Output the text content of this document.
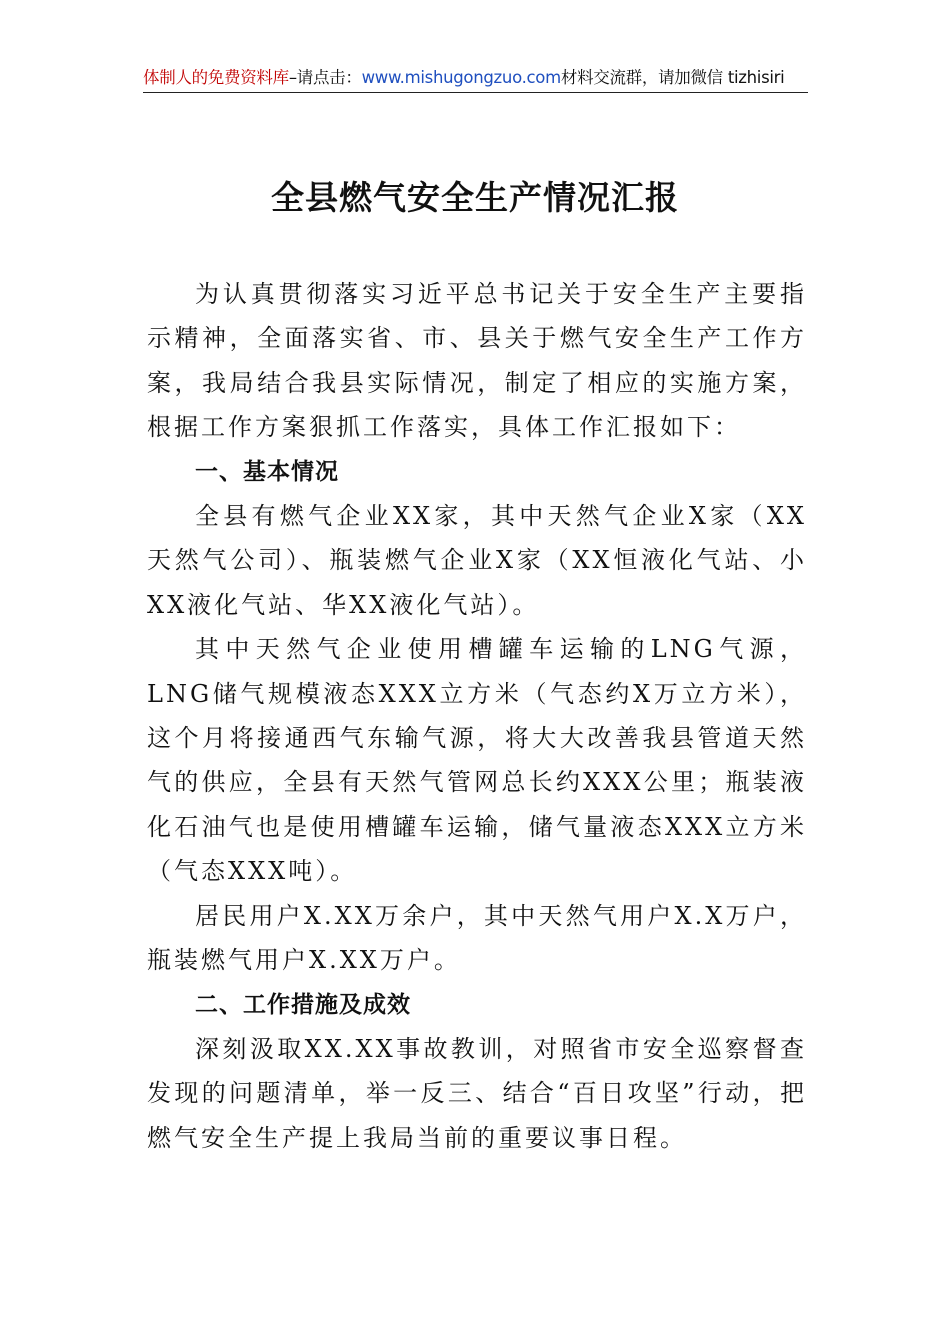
体制人的免费资料库–请点击：www.mishugongzuo.com材料交流群，请加微信 tizhisiri
全县燃气安全生产情况汇报

为认真贯彻落实习近平总书记关于安全生产主要指示精神，全面落实省、市、县关于燃气安全生产工作方案，我局结合我县实际情况，制定了相应的实施方案，根据工作方案狠抓工作落实，具体工作汇报如下：

一、基本情况

全县有燃气企业XX家，其中天然气企业X家（XX天然气公司）、瓶装燃气企业X家（XX恒液化气站、小XX液化气站、华XX液化气站）。

其中天然气企业使用槽罐车运输的LNG气源，LNG储气规模液态XXX立方米（气态约X万立方米），这个月将接通西气东输气源，将大大改善我县管道天然气的供应，全县有天然气管网总长约XXX公里；瓶装液化石油气也是使用槽罐车运输，储气量液态XXX立方米（气态XXX吨）。

居民用户X.XX万余户，其中天然气用户X.X万户，瓶装燃气用户X.XX万户。

二、工作措施及成效

深刻汲取XX.XX事故教训，对照省市安全巡察督查发现的问题清单，举一反三、结合“百日攻坚”行动，把燃气安全生产提上我局当前的重要议事日程。
